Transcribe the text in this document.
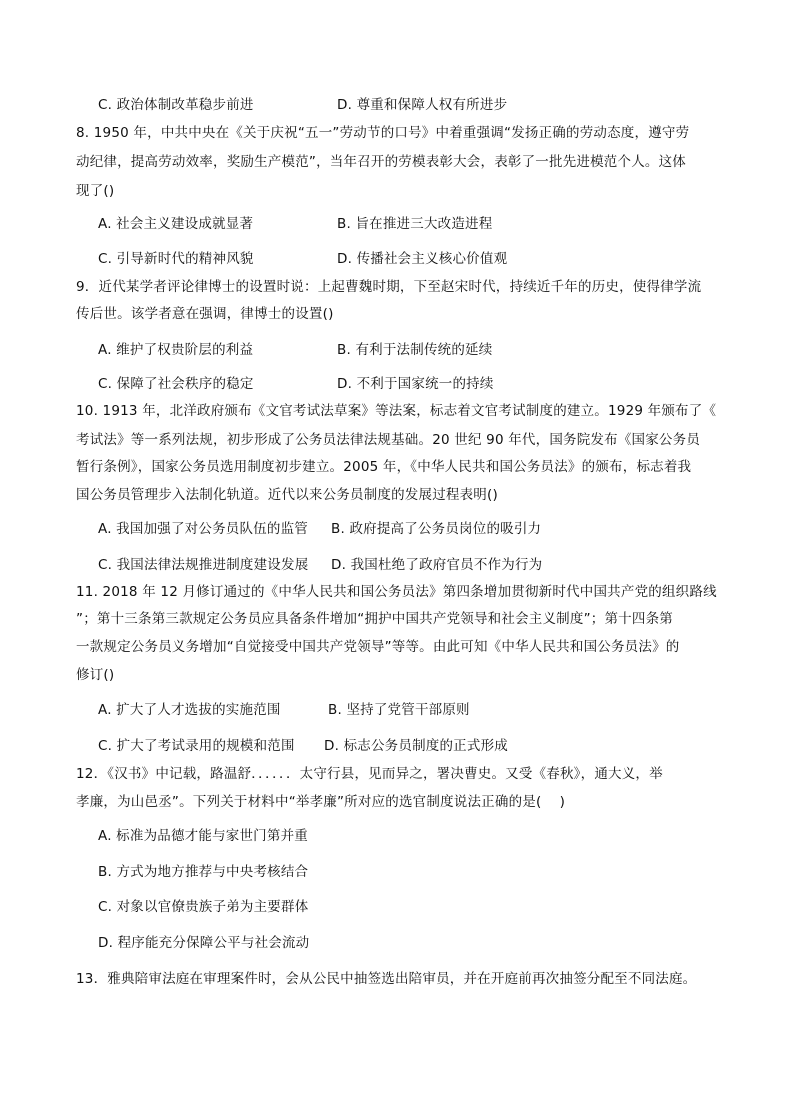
C. 政治体制改革稳步前进	D. 尊重和保障人权有所进步
8. 1950 年，中共中央在《关于庆祝“五一”劳动节的口号》中着重强调“发扬正确的劳动态度，遵守劳
动纪律，提高劳动效率，奖励生产模范”，当年召开的劳模表彰大会，表彰了一批先进模范个人。这体
现了()
A. 社会主义建设成就显著	B. 旨在推进三大改造进程
C. 引导新时代的精神风貌	D. 传播社会主义核心价值观
9．近代某学者评论律博士的设置时说：上起曹魏时期，下至赵宋时代，持续近千年的历史，使得律学流
传后世。该学者意在强调，律博士的设置()
A. 维护了权贵阶层的利益	B. 有利于法制传统的延续
C. 保障了社会秩序的稳定	D. 不利于国家统一的持续
10. 1913 年，北洋政府颁布《文官考试法草案》等法案，标志着文官考试制度的建立。1929 年颁布了《
考试法》等一系列法规，初步形成了公务员法律法规基础。20 世纪 90 年代，国务院发布《国家公务员
暂行条例》，国家公务员选用制度初步建立。2005 年，《中华人民共和国公务员法》的颁布，标志着我
国公务员管理步入法制化轨道。近代以来公务员制度的发展过程表明()
A. 我国加强了对公务员队伍的监管 B. 政府提高了公务员岗位的吸引力
C. 我国法律法规推进制度建设发展 D. 我国杜绝了政府官员不作为行为
11. 2018 年 12 月修订通过的《中华人民共和国公务员法》第四条增加贯彻新时代中国共产党的组织路线
”；第十三条第三款规定公务员应具备条件增加“拥护中国共产党领导和社会主义制度”；第十四条第
一款规定公务员义务增加“自觉接受中国共产党领导”等等。由此可知《中华人民共和国公务员法》的
修订()
A. 扩大了人才选拔的实施范围	B. 坚持了党管干部原则
C. 扩大了考试录用的规模和范围 D. 标志公务员制度的正式形成
12．《汉书》中记载，路温舒．．．．．．太守行县，见而异之，署决曹史。又受《春秋》，通大义，举
孝廉，为山邑丞”。下列关于材料中“举孝廉”所对应的选官制度说法正确的是(　 )
A. 标准为品德才能与家世门第并重
B. 方式为地方推荐与中央考核结合
C. 对象以官僚贵族子弟为主要群体
D. 程序能充分保障公平与社会流动
13．雅典陪审法庭在审理案件时，会从公民中抽签选出陪审员，并在开庭前再次抽签分配至不同法庭。
